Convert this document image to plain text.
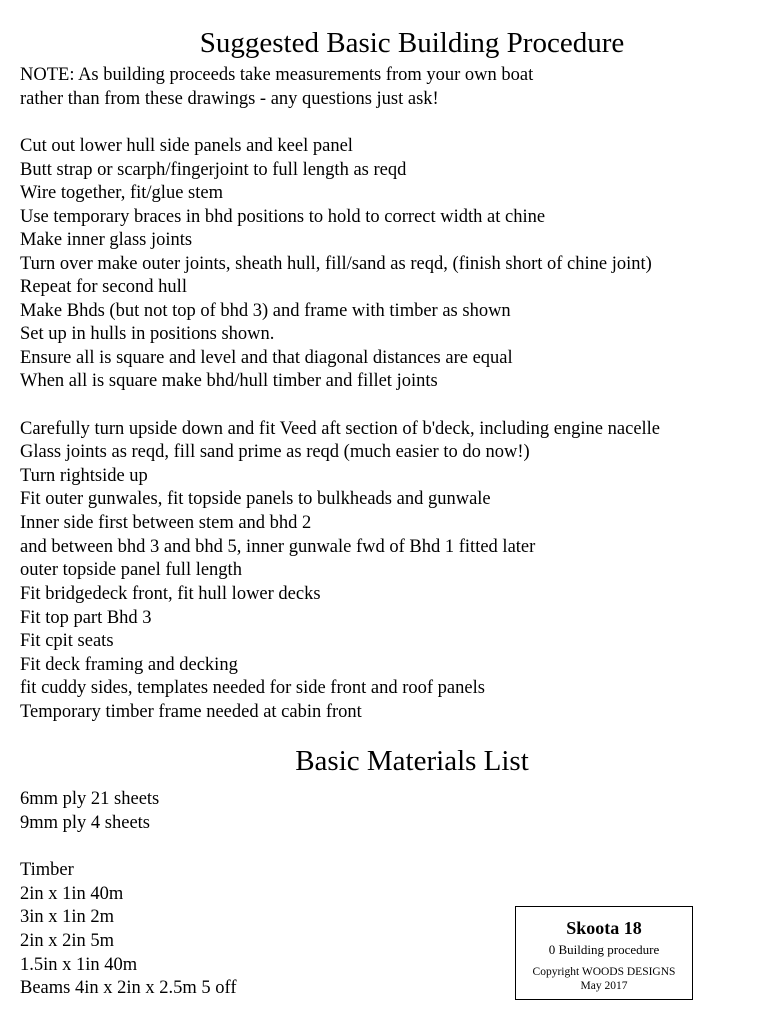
Suggested Basic Building Procedure
NOTE: As building proceeds take measurements from your own boat
rather than from these drawings - any questions just ask!
Cut out lower hull side panels and keel panel
Butt strap or scarph/fingerjoint to full length as reqd
Wire together, fit/glue stem
Use temporary braces in bhd positions to hold to correct width at chine
Make inner glass joints
Turn over make outer joints, sheath hull, fill/sand as reqd, (finish short of chine joint)
Repeat for second hull
Make Bhds (but not top of bhd 3) and frame with timber as shown
Set up in hulls in positions shown.
Ensure all is square and level and that diagonal distances are equal
When all is square make bhd/hull timber and fillet joints
Carefully turn upside down and fit Veed aft section of b'deck, including engine nacelle
Glass joints as reqd, fill sand prime as reqd (much easier to do now!)
Turn rightside up
Fit outer gunwales, fit topside panels to bulkheads and gunwale
Inner side first between stem and bhd 2
and between bhd 3 and bhd 5, inner gunwale fwd of Bhd 1 fitted later
outer topside panel full length
Fit bridgedeck front, fit hull lower decks
Fit top part Bhd 3
Fit cpit seats
Fit deck framing and decking
fit cuddy sides, templates needed for side front and roof panels
Temporary timber frame needed at cabin front
Basic Materials List
6mm ply 21 sheets
9mm ply 4 sheets
Timber
2in x 1in 40m
3in x 1in 2m
2in x 2in 5m
1.5in x 1in 40m
Beams 4in x 2in x 2.5m 5 off
Skoota 18
0 Building procedure
Copyright WOODS DESIGNS
May 2017
